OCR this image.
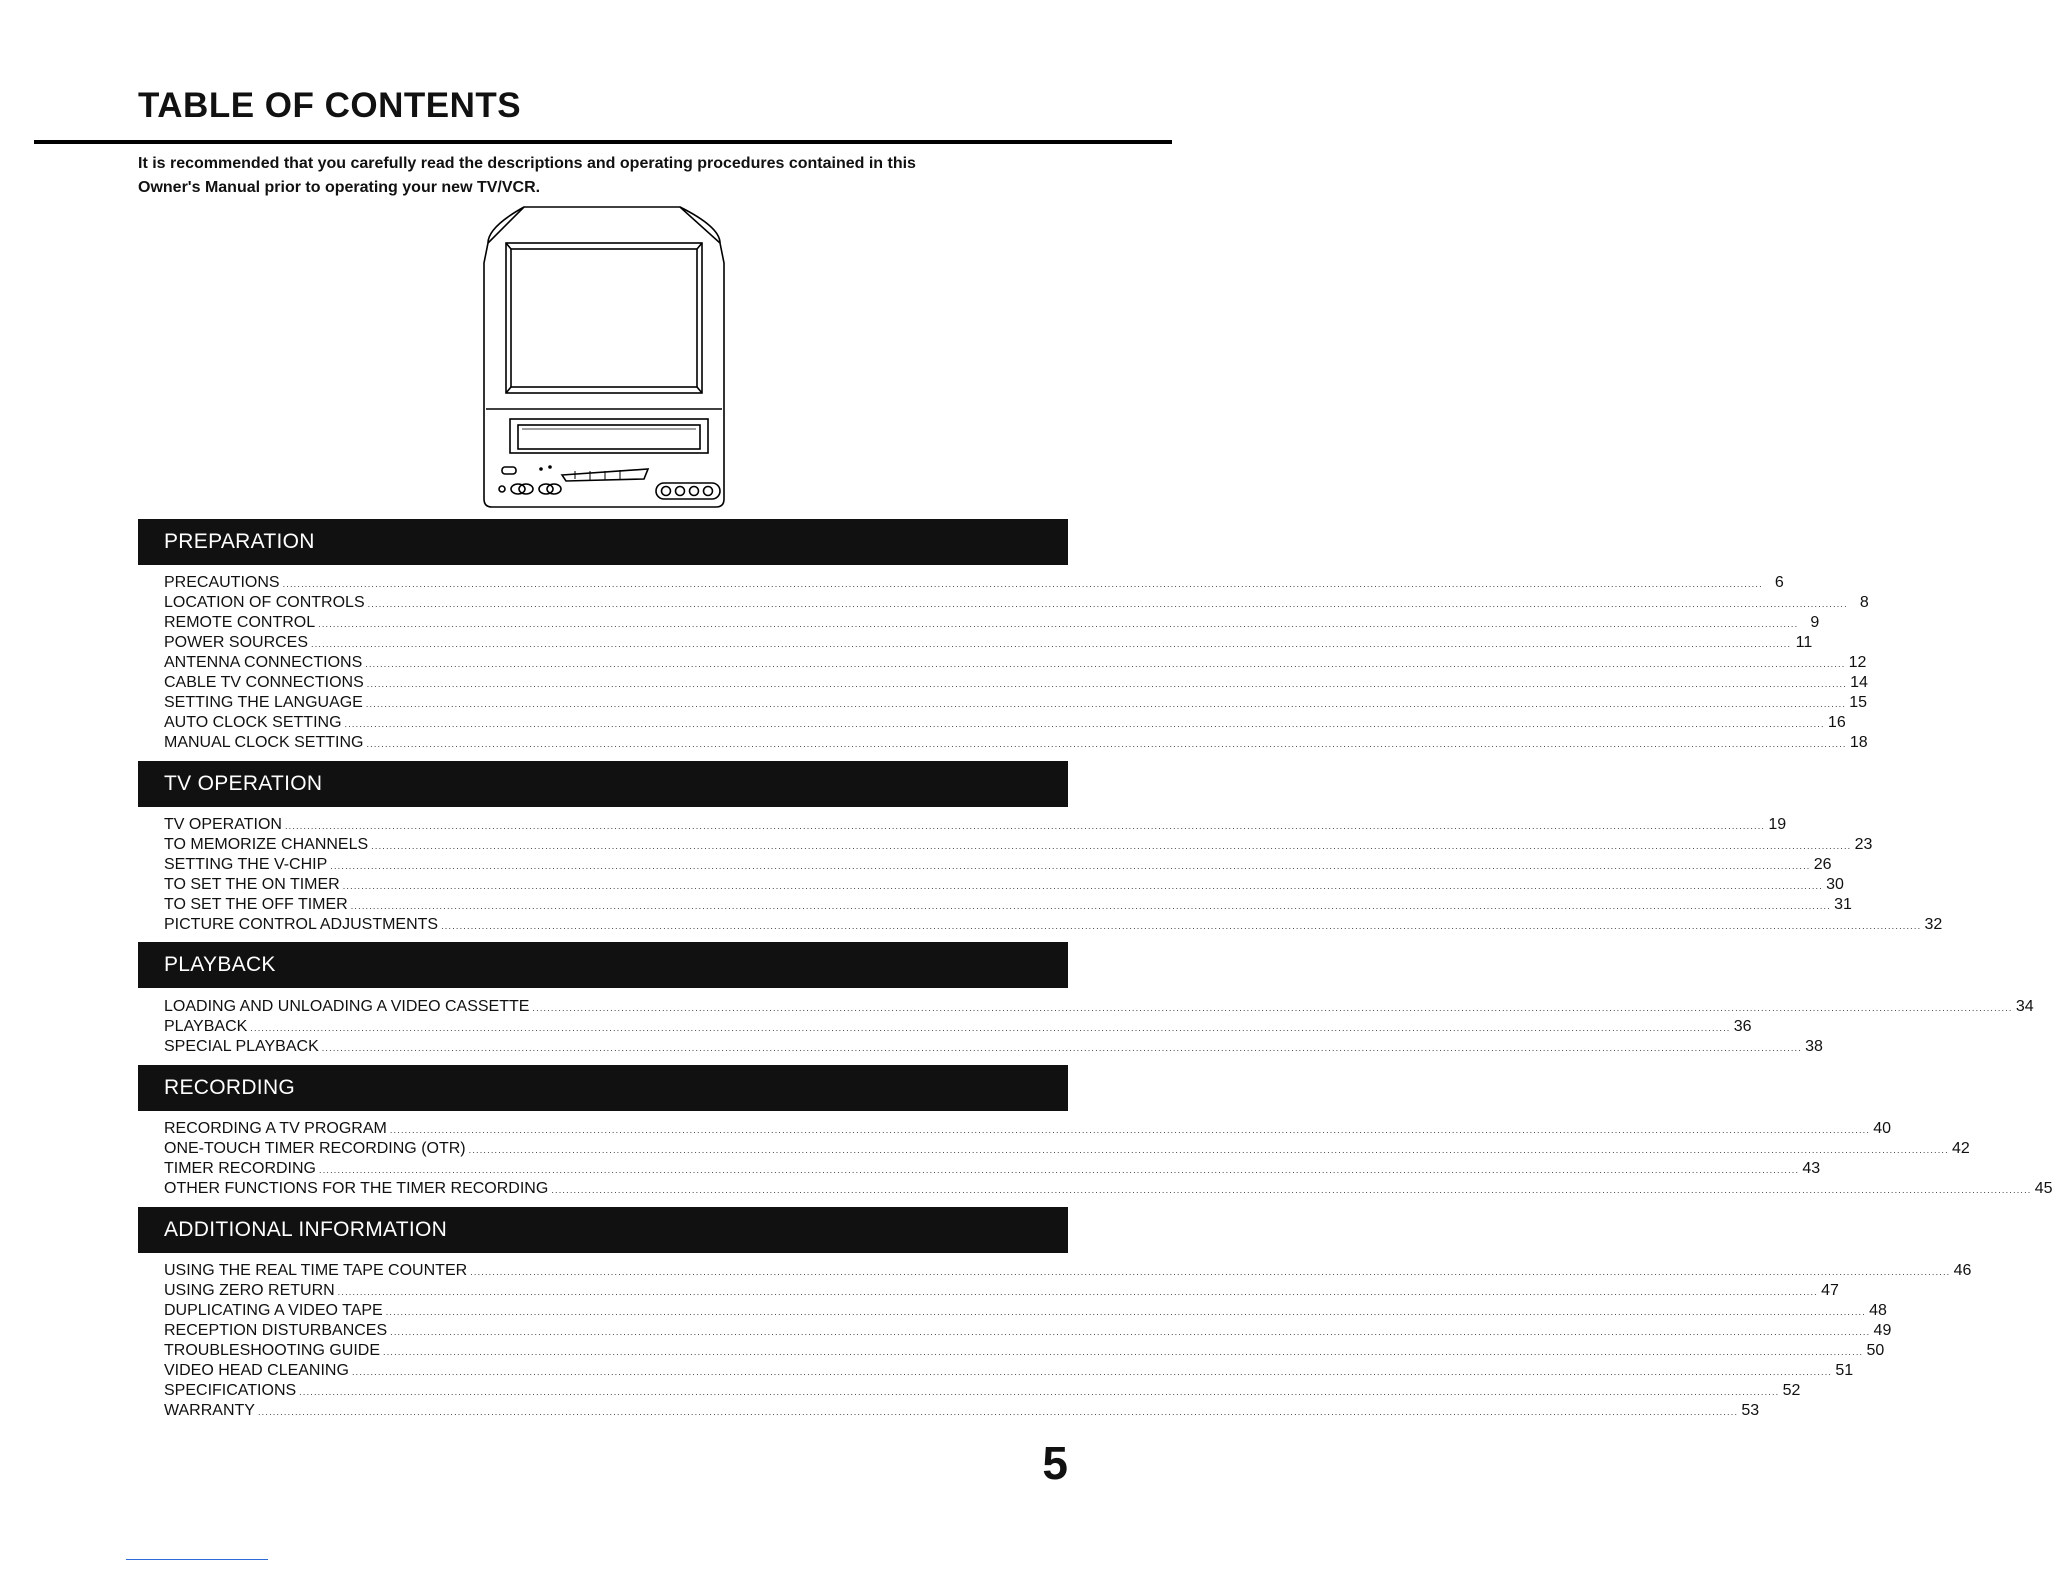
TABLE OF CONTENTS
It is recommended that you carefully read the descriptions and operating procedures contained in this
Owner's Manual prior to operating your new TV/VCR.
PREPARATION
PRECAUTIONS ................................................................................................................................................................................................................................................................................................................................................................................................................ 6
LOCATION OF CONTROLS ................................................................................................................................................................................................................................................................................................................................................................................................................ 8
REMOTE CONTROL ................................................................................................................................................................................................................................................................................................................................................................................................................ 9
POWER SOURCES ................................................................................................................................................................................................................................................................................................................................................................................................................ 11
ANTENNA CONNECTIONS ................................................................................................................................................................................................................................................................................................................................................................................................................ 12
CABLE TV CONNECTIONS ................................................................................................................................................................................................................................................................................................................................................................................................................ 14
SETTING THE LANGUAGE ................................................................................................................................................................................................................................................................................................................................................................................................................ 15
AUTO CLOCK SETTING ................................................................................................................................................................................................................................................................................................................................................................................................................ 16
MANUAL CLOCK SETTING ................................................................................................................................................................................................................................................................................................................................................................................................................ 18
TV OPERATION
TV OPERATION ................................................................................................................................................................................................................................................................................................................................................................................................................ 19
TO MEMORIZE CHANNELS ................................................................................................................................................................................................................................................................................................................................................................................................................ 23
SETTING THE V-CHIP ................................................................................................................................................................................................................................................................................................................................................................................................................ 26
TO SET THE ON TIMER ................................................................................................................................................................................................................................................................................................................................................................................................................ 30
TO SET THE OFF TIMER ................................................................................................................................................................................................................................................................................................................................................................................................................ 31
PICTURE CONTROL ADJUSTMENTS ................................................................................................................................................................................................................................................................................................................................................................................................................ 32
PLAYBACK
LOADING AND UNLOADING A VIDEO CASSETTE ................................................................................................................................................................................................................................................................................................................................................................................................................ 34
PLAYBACK ................................................................................................................................................................................................................................................................................................................................................................................................................ 36
SPECIAL PLAYBACK ................................................................................................................................................................................................................................................................................................................................................................................................................ 38
RECORDING
RECORDING A TV PROGRAM ................................................................................................................................................................................................................................................................................................................................................................................................................ 40
ONE-TOUCH TIMER RECORDING (OTR) ................................................................................................................................................................................................................................................................................................................................................................................................................ 42
TIMER RECORDING ................................................................................................................................................................................................................................................................................................................................................................................................................ 43
OTHER FUNCTIONS FOR THE TIMER RECORDING ................................................................................................................................................................................................................................................................................................................................................................................................................ 45
ADDITIONAL INFORMATION
USING THE REAL TIME TAPE COUNTER ................................................................................................................................................................................................................................................................................................................................................................................................................ 46
USING ZERO RETURN ................................................................................................................................................................................................................................................................................................................................................................................................................ 47
DUPLICATING A VIDEO TAPE ................................................................................................................................................................................................................................................................................................................................................................................................................ 48
RECEPTION DISTURBANCES ................................................................................................................................................................................................................................................................................................................................................................................................................ 49
TROUBLESHOOTING GUIDE ................................................................................................................................................................................................................................................................................................................................................................................................................ 50
VIDEO HEAD CLEANING ................................................................................................................................................................................................................................................................................................................................................................................................................ 51
SPECIFICATIONS ................................................................................................................................................................................................................................................................................................................................................................................................................ 52
WARRANTY ................................................................................................................................................................................................................................................................................................................................................................................................................ 53
5
